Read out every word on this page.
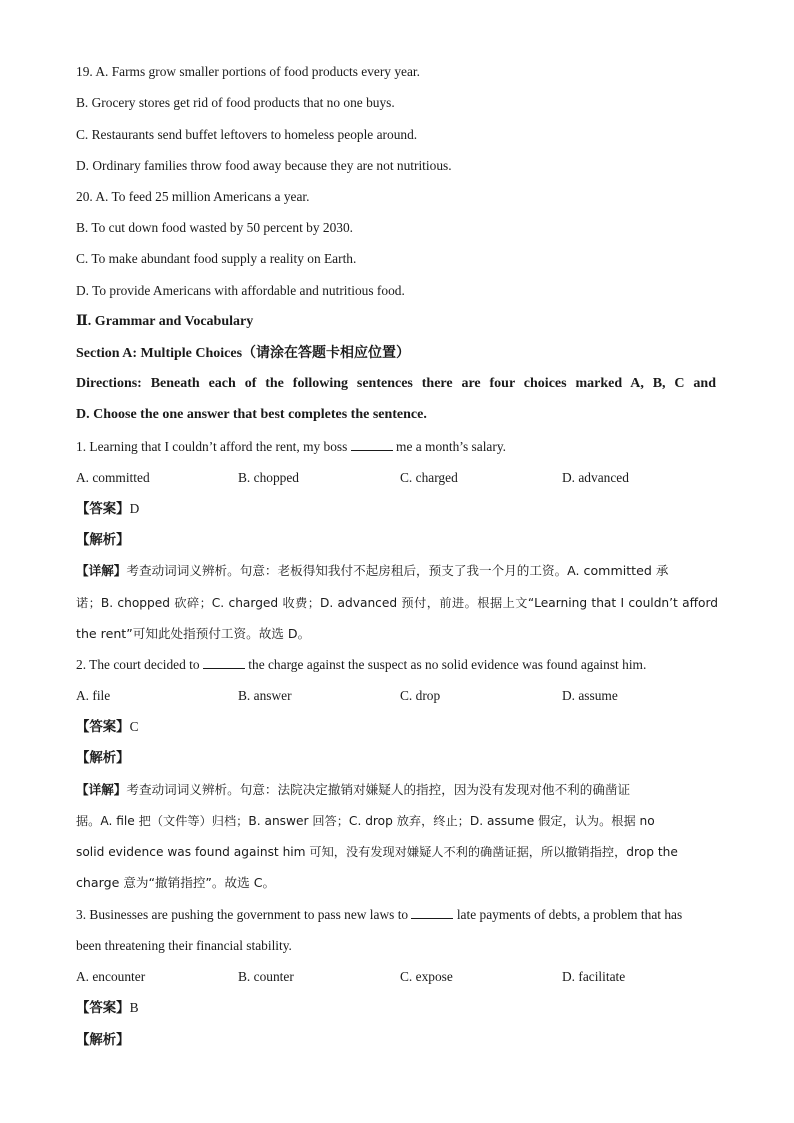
19. A. Farms grow smaller portions of food products every year.
B. Grocery stores get rid of food products that no one buys.
C. Restaurants send buffet leftovers to homeless people around.
D. Ordinary families throw food away because they are not nutritious.
20. A. To feed 25 million Americans a year.
B. To cut down food wasted by 50 percent by 2030.
C. To make abundant food supply a reality on Earth.
D. To provide Americans with affordable and nutritious food.
Ⅱ. Grammar and Vocabulary
Section A: Multiple Choices（请涂在答题卡相应位置）
Directions: Beneath each of the following sentences there are four choices marked A, B, C and
D. Choose the one answer that best completes the sentence.
1. Learning that I couldn’t afford the rent, my boss	me a month’s salary.
A. committed	B. chopped	C. charged	D. advanced
【答案】D
【解析】
【详解】考查动词词义辨析。句意：老板得知我付不起房租后，预支了我一个月的工资。A. committed 承
诺；B. chopped 砍碎；C. charged 收费；D. advanced 预付，前进。根据上文“Learning that I couldn’t afford
the rent”可知此处指预付工资。故选 D。
2. The court decided to	the charge against the suspect as no solid evidence was found against him.
A. file	B. answer	C. drop	D. assume
【答案】C
【解析】
【详解】考查动词词义辨析。句意：法院决定撤销对嫌疑人的指控，因为没有发现对他不利的确凿证
据。A. file 把（文件等）归档；B. answer 回答；C. drop 放弃，终止；D. assume 假定，认为。根据 no
solid evidence was found against him 可知，没有发现对嫌疑人不利的确凿证据，所以撤销指控，drop the
charge 意为“撤销指控”。故选 C。
3. Businesses are pushing the government to pass new laws to	late payments of debts, a problem that has
been threatening their financial stability.
A. encounter	B. counter	C. expose	D. facilitate
【答案】B
【解析】
